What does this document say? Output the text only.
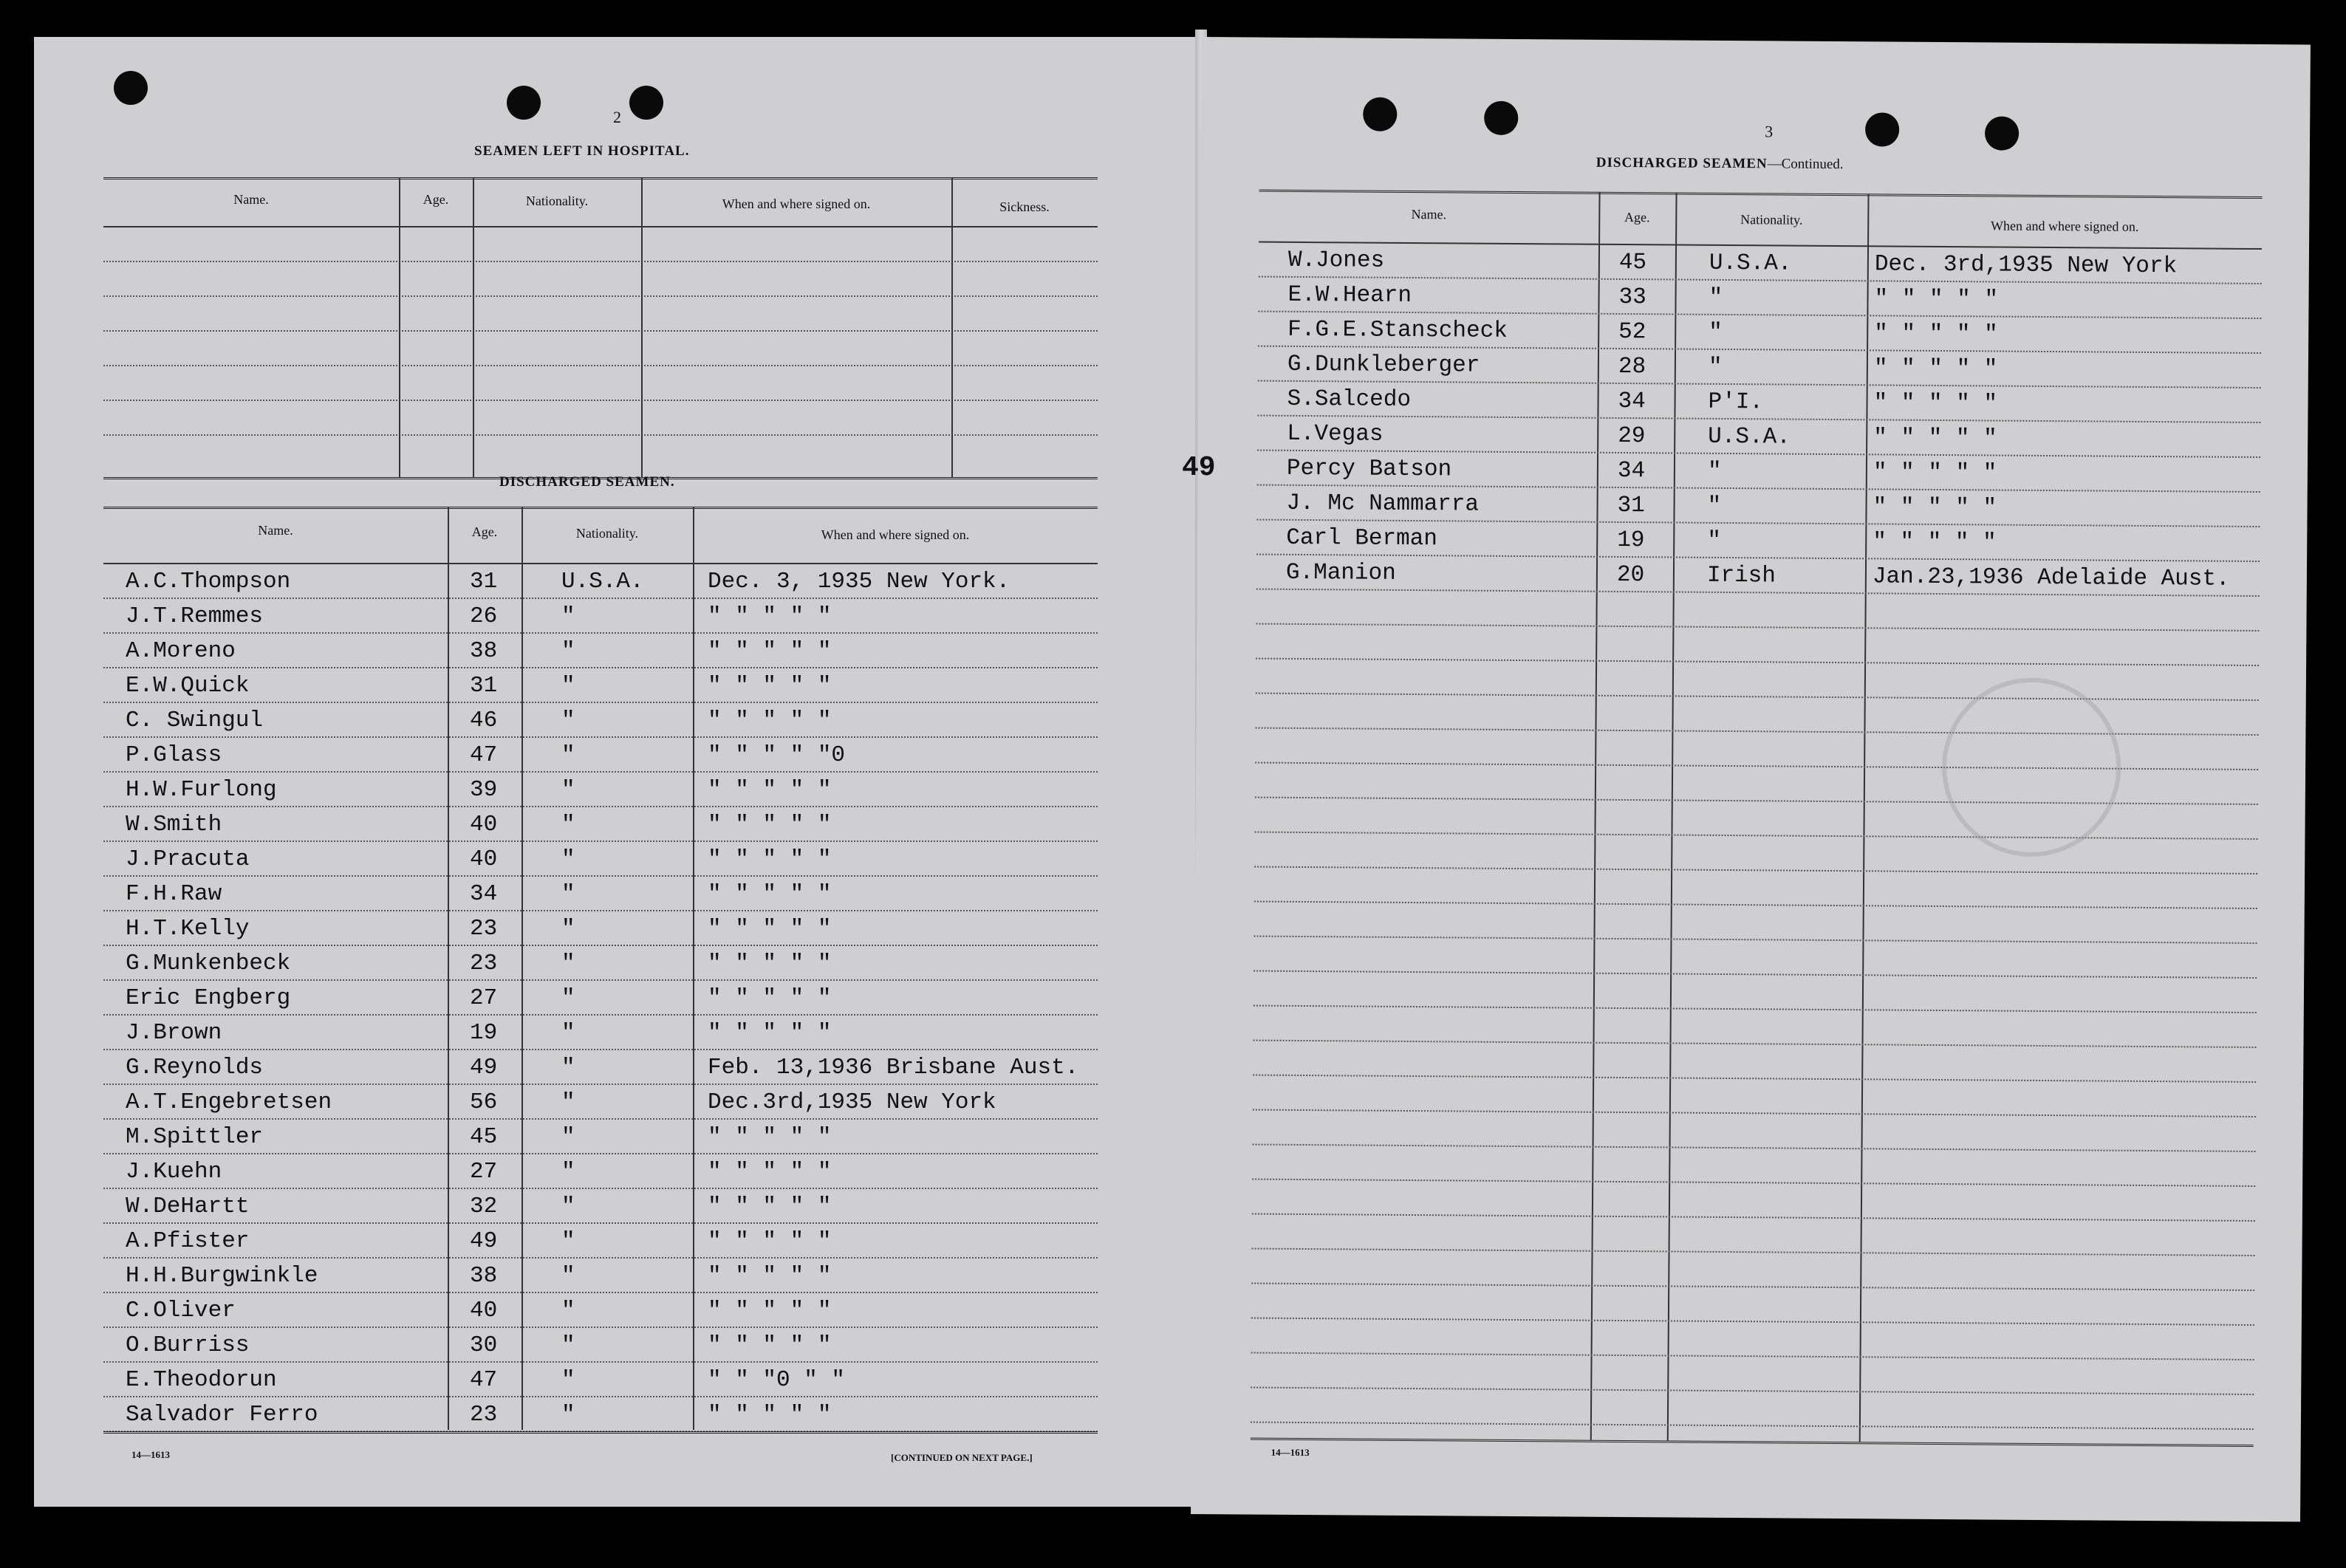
2
SEAMEN LEFT IN HOSPITAL.
Name.	Age.	Nationality.	When and where signed on.	Sickness.
DISCHARGED SEAMEN.
Name.	Age.	Nationality.	When and where signed on.
A.C.Thompson	31	U.S.A.	Dec. 3, 1935 New York.
J.T.Remmes	26	"	" " " " "
A.Moreno	38	"	" " " " "
E.W.Quick	31	"	" " " " "
C. Swingul	46	"	" " " " "
P.Glass	47	"	" " " " "0
H.W.Furlong	39	"	" " " " "
W.Smith	40	"	" " " " "
J.Pracuta	40	"	" " " " "
F.H.Raw	34	"	" " " " "
H.T.Kelly	23	"	" " " " "
G.Munkenbeck	23	"	" " " " "
Eric Engberg	27	"	" " " " "
J.Brown	19	"	" " " " "
G.Reynolds	49	"	Feb. 13,1936 Brisbane Aust.
A.T.Engebretsen	56	"	Dec.3rd,1935 New York
M.Spittler	45	"	" " " " "
J.Kuehn	27	"	" " " " "
W.DeHartt	32	"	" " " " "
A.Pfister	49	"	" " " " "
H.H.Burgwinkle	38	"	" " " " "
C.Oliver	40	"	" " " " "
O.Burriss	30	"	" " " " "
E.Theodorun	47	"	" " "0 " "
Salvador Ferro	23	"	" " " " "
14—1613	[CONTINUED ON NEXT PAGE.]
49
3
DISCHARGED SEAMEN—Continued.
Name.	Age.	Nationality.	When and where signed on.
W.Jones	45	U.S.A.	Dec. 3rd,1935 New York
E.W.Hearn	33	"	" " " " "
F.G.E.Stanscheck	52	"	" " " " "
G.Dunkleberger	28	"	" " " " "
S.Salcedo	34	P'I.	" " " " "
L.Vegas	29	U.S.A.	" " " " "
Percy Batson	34	"	" " " " "
J. Mc Nammarra	31	"	" " " " "
Carl Berman	19	"	" " " " "
G.Manion	20	Irish	Jan.23,1936 Adelaide Aust.
14—1613
